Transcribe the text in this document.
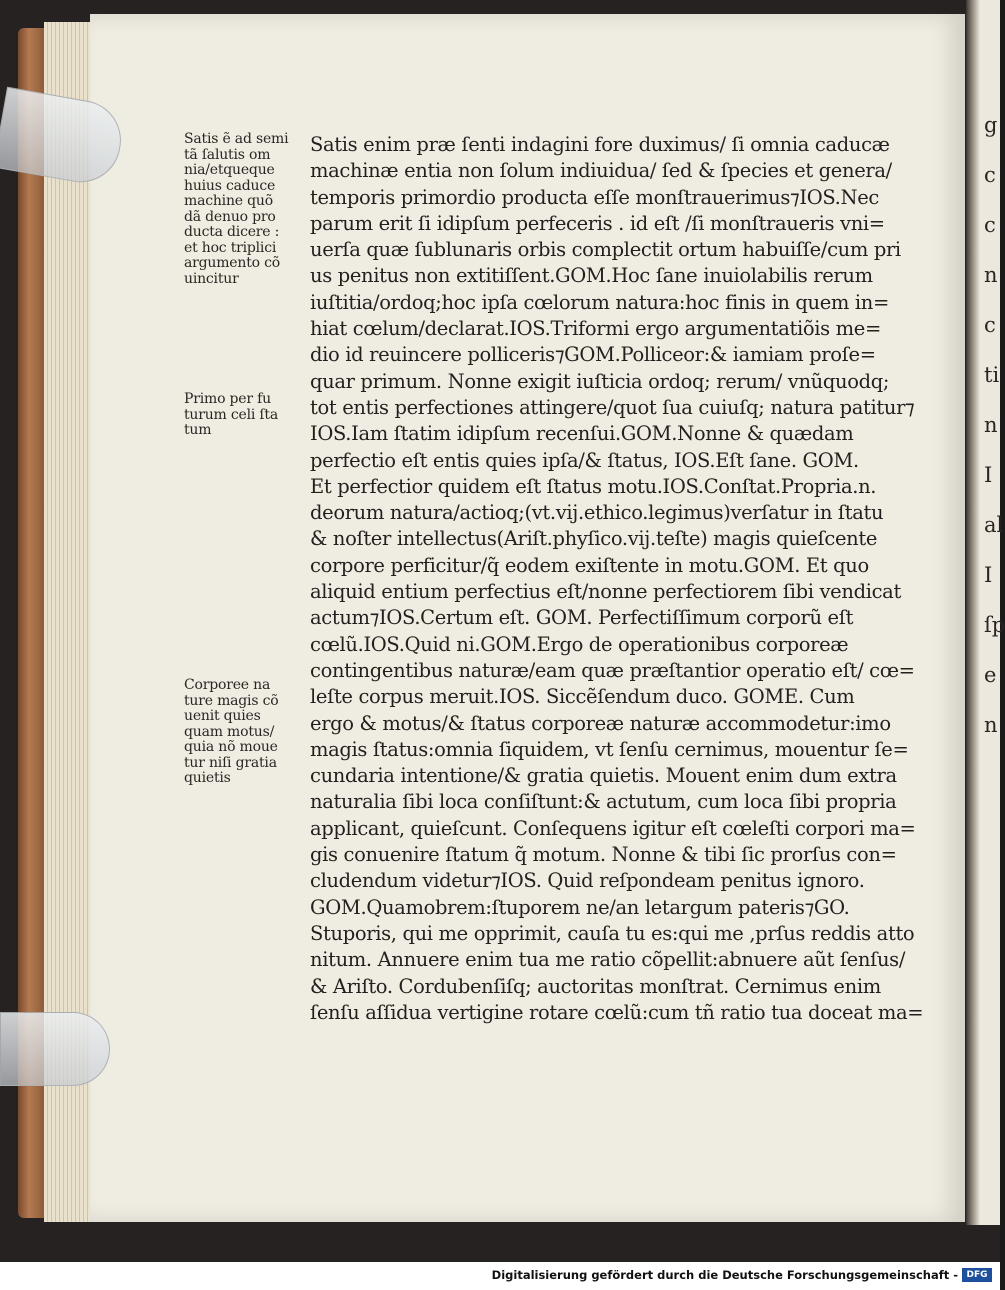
g
c
c
n
c
ti
n
I
al
I
ſp
e
n
Satis ẽ ad semi
tã ſalutis om
nia/etqueque
huius caduce
machine quõ
dã denuo pro
ducta dicere :
et hoc triplici
argumento cõ
uincitur
Primo per fu
turum celi ſta
tum
Corporee na
ture magis cõ
uenit quies
quam motus/
quia nõ moue
tur niſi gratia
quietis
Satis enim præ ſenti indagini fore duximus/ ſi omnia caducæ
machinæ entia non ſolum indiuidua/ ſed & ſpecies et genera/
temporis primordio producta eſſe monſtrauerimus⁊IOS.Nec
parum erit ſi idipſum perfeceris . id eſt /ſi monſtraueris vni=
uerſa quæ ſublunaris orbis complectit ortum habuiſſe/cum pri
us penitus non extitiſſent.GOM.Hoc ſane inuiolabilis rerum
iuſtitia/ordoq;hoc ipſa cœlorum natura:hoc finis in quem in=
hiat cœlum/declarat.IOS.Triformi ergo argumentatiõis me=
dio id reuincere polliceris⁊GOM.Polliceor:& iamiam proſe=
quar primum. Nonne exigit iuſticia ordoq; rerum/ vnũquodq;
tot entis perfectiones attingere/quot ſua cuiuſq; natura patitur⁊
IOS.Iam ſtatim idipſum recenſui.GOM.Nonne & quædam
perfectio eſt entis quies ipſa/& ſtatus, IOS.Eſt ſane. GOM.
Et perfectior quidem eſt ſtatus motu.IOS.Conſtat.Propria.n.
deorum natura/actioq;(vt.vij.ethico.legimus)verſatur in ſtatu
& noſter intellectus(Ariſt.phyſico.vij.teſte) magis quieſcente
corpore perficitur/q̃ eodem exiſtente in motu.GOM. Et quo
aliquid entium perfectius eſt/nonne perfectiorem ſibi vendicat
actum⁊IOS.Certum eſt. GOM. Perfectiſſimum corporũ eſt
cœlũ.IOS.Quid ni.GOM.Ergo de operationibus corporeæ
contingentibus naturæ/eam quæ præſtantior operatio eſt/ cœ=
leſte corpus meruit.IOS. Siccẽſendum duco. GOME. Cum
ergo & motus/& ſtatus corporeæ naturæ accommodetur:imo
magis ſtatus:omnia ſiquidem, vt ſenſu cernimus, mouentur ſe=
cundaria intentione/& gratia quietis. Mouent enim dum extra
naturalia ſibi loca conſiſtunt:& actutum, cum loca ſibi propria
applicant, quieſcunt. Conſequens igitur eſt cœleſti corpori ma=
gis conuenire ſtatum q̃ motum. Nonne & tibi ſic prorſus con=
cludendum videtur⁊IOS. Quid reſpondeam penitus ignoro.
GOM.Quamobrem:ſtuporem ne/an letargum pateris⁊GO.
Stuporis, qui me opprimit, cauſa tu es:qui me ,prſus reddis atto
nitum. Annuere enim tua me ratio cõpellit:abnuere aũt ſenſus/
& Ariſto. Cordubenſiſq; auctoritas monſtrat. Cernimus enim
ſenſu aſſidua vertigine rotare cœlũ:cum tñ ratio tua doceat ma=
Digitalisierung gefördert durch die Deutsche Forschungsgemeinschaft - DFG
